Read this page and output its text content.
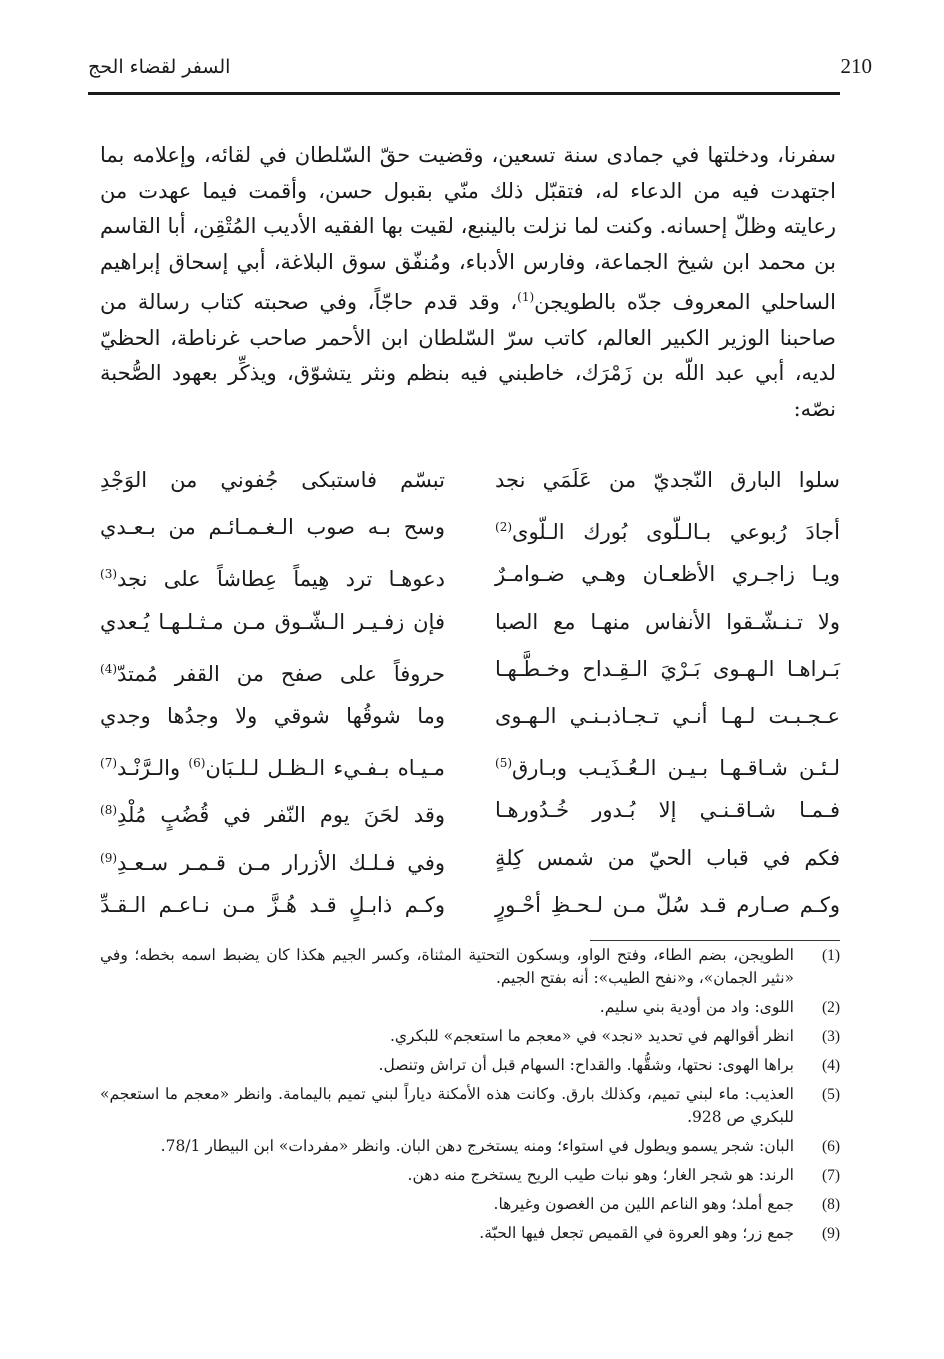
210
السفر لقضاء الحج

سفرنا، ودخلتها في جمادى سنة تسعين، وقضيت حقّ السّلطان في لقائه، وإعلامه بما اجتهدت فيه من الدعاء له، فتقبّل ذلك منّي بقبول حسن، وأقمت فيما عهدت من رعايته وظلّ إحسانه. وكنت لما نزلت بالينبع، لقيت بها الفقيه الأديب المُتْقِن، أبا القاسم بن محمد ابن شيخ الجماعة، وفارس الأدباء، ومُنفّق سوق البلاغة، أبي إسحاق إبراهيم الساحلي المعروف جدّه بالطويجن$^{(1)}$، وقد قدم حاجّاً، وفي صحبته كتاب رسالة من صاحبنا الوزير الكبير العالم، كاتب سرّ السّلطان ابن الأحمر صاحب غرناطة، الحظيّ لديه، أبي عبد اللّه بن زَمْرَك، خاطبني فيه بنظم ونثر يتشوّق، ويذكِّر بعهود الصُّحبة نصّه:

سلوا البارق النّجديّ من عَلَمَي نجد
تبسّم فاستبكى جُفوني من الوَجْدِ
أجادَ رُبوعي بـالـلّوى بُورك الـلّوى$^{(2)}$
وسح بـه صوب الـغـمـائـم من بـعـدي
ويـا زاجـري الأظعـان وهـي ضـوامـرٌ
دعوهـا ترد هِيماً عِطاشاً على نجد$^{(3)}$
ولا تـنـشّـقوا الأنفاس منهـا مع الصبا
فإن زفـيـر الـشّـوق مـن مـثـلـهـا يُـعدي
بَـراهـا الـهـوى بَـرْيَ الـقِـداح وخـطَّـهـا
حروفاً على صفح من القفر مُمتدّ$^{(4)}$
عـجـبـت لـهـا أنـي تـجـاذبـنـي الـهـوى
وما شوقُها شوقي ولا وجدُها وجدي
لـئـن شـاقـهـا بـيـن الـعُـذَيـب وبـارق$^{(5)}$
مـيـاه بـفـيء الـظـل لـلـبَان$^{(6)}$ والـرَّنْـد$^{(7)}$
فـمـا شـاقـنـي إلا بُـدور خُـدُورهـا
وقد لحَنَ يوم النّفر في قُضُبٍ مُلْدِ$^{(8)}$
فكم في قباب الحيّ من شمس كِلةٍ
وفي فـلـك الأزرار مـن قـمـر سـعـدِ$^{(9)}$
وكـم صـارم قـد سُلّ مـن لـحـظِ أحْـورٍ
وكـم ذابـلٍ قـد هُـزَّ مـن نـاعـم الـقـدِّ
(1)
الطويجن، بضم الطاء، وفتح الواو، وبسكون التحتية المثناة، وكسر الجيم هكذا كان يضبط اسمه بخطه؛ وفي «نثير الجمان»، و«نفح الطيب»: أنه بفتح الجيم.
(2)
اللوى: واد من أودية بني سليم.
(3)
انظر أقوالهم في تحديد «نجد» في «معجم ما استعجم» للبكري.
(4)
براها الهوى: نحتها، وشقُّها. والقداح: السهام قبل أن تراش وتنصل.
(5)
العذيب: ماء لبني تميم، وكذلك بارق. وكانت هذه الأمكنة دياراً لبني تميم باليمامة. وانظر «معجم ما استعجم» للبكري ص 928.
(6)
البان: شجر يسمو ويطول في استواء؛ ومنه يستخرج دهن البان. وانظر «مفردات» ابن البيطار 78/1.
(7)
الرند: هو شجر الغار؛ وهو نبات طيب الريح يستخرج منه دهن.
(8)
جمع أملد؛ وهو الناعم اللين من الغصون وغيرها.
(9)
جمع زر؛ وهو العروة في القميص تجعل فيها الحبّة.
